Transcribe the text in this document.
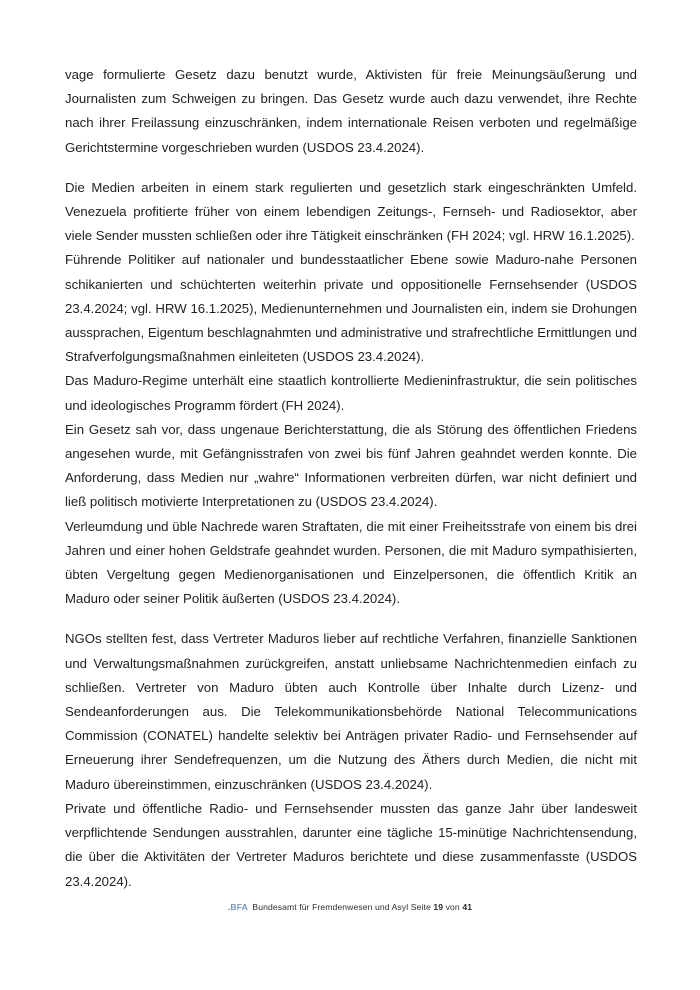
vage formulierte Gesetz dazu benutzt wurde, Aktivisten für freie Meinungsäußerung und Journalisten zum Schweigen zu bringen. Das Gesetz wurde auch dazu verwendet, ihre Rechte nach ihrer Freilassung einzuschränken, indem internationale Reisen verboten und regelmäßige Gerichtstermine vorgeschrieben wurden (USDOS 23.4.2024).

Die Medien arbeiten in einem stark regulierten und gesetzlich stark eingeschränkten Umfeld. Venezuela profitierte früher von einem lebendigen Zeitungs-, Fernseh- und Radiosektor, aber viele Sender mussten schließen oder ihre Tätigkeit einschränken (FH 2024; vgl. HRW 16.1.2025).

Führende Politiker auf nationaler und bundesstaatlicher Ebene sowie Maduro-nahe Personen schikanierten und schüchterten weiterhin private und oppositionelle Fernsehsender (USDOS 23.4.2024; vgl. HRW 16.1.2025), Medienunternehmen und Journalisten ein, indem sie Drohungen aussprachen, Eigentum beschlagnahmten und administrative und strafrechtliche Ermittlungen und Strafverfolgungsmaßnahmen einleiteten (USDOS 23.4.2024).

Das Maduro-Regime unterhält eine staatlich kontrollierte Medieninfrastruktur, die sein politisches und ideologisches Programm fördert (FH 2024).

Ein Gesetz sah vor, dass ungenaue Berichterstattung, die als Störung des öffentlichen Friedens angesehen wurde, mit Gefängnisstrafen von zwei bis fünf Jahren geahndet werden konnte. Die Anforderung, dass Medien nur „wahre“ Informationen verbreiten dürfen, war nicht definiert und ließ politisch motivierte Interpretationen zu (USDOS 23.4.2024).

Verleumdung und üble Nachrede waren Straftaten, die mit einer Freiheitsstrafe von einem bis drei Jahren und einer hohen Geldstrafe geahndet wurden. Personen, die mit Maduro sympathisierten, übten Vergeltung gegen Medienorganisationen und Einzelpersonen, die öffentlich Kritik an Maduro oder seiner Politik äußerten (USDOS 23.4.2024).

NGOs stellten fest, dass Vertreter Maduros lieber auf rechtliche Verfahren, finanzielle Sanktionen und Verwaltungsmaßnahmen zurückgreifen, anstatt unliebsame Nachrichtenmedien einfach zu schließen. Vertreter von Maduro übten auch Kontrolle über Inhalte durch Lizenz- und Sendeanforderungen aus. Die Telekommunikationsbehörde National Telecommunications Commission (CONATEL) handelte selektiv bei Anträgen privater Radio- und Fernsehsender auf Erneuerung ihrer Sendefrequenzen, um die Nutzung des Äthers durch Medien, die nicht mit Maduro übereinstimmen, einzuschränken (USDOS 23.4.2024).

Private und öffentliche Radio- und Fernsehsender mussten das ganze Jahr über landesweit verpflichtende Sendungen ausstrahlen, darunter eine tägliche 15-minütige Nachrichtensendung, die über die Aktivitäten der Vertreter Maduros berichtete und diese zusammenfasste (USDOS 23.4.2024).

.BFA Bundesamt für Fremdenwesen und Asyl Seite 19 von 41
